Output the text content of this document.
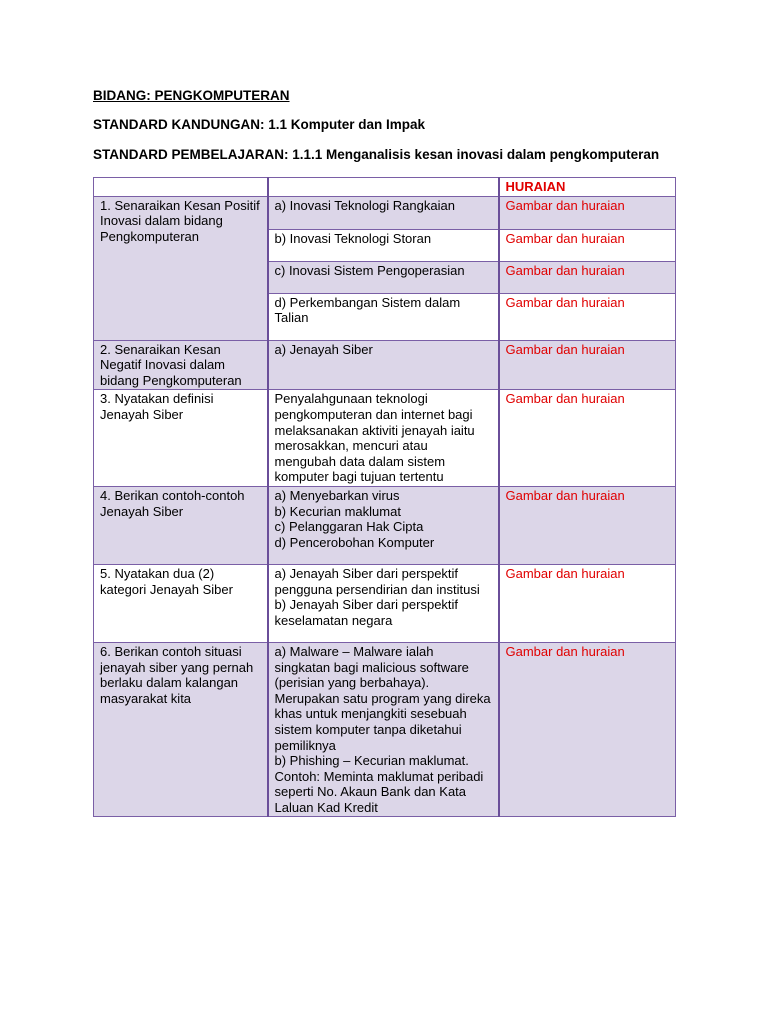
BIDANG: PENGKOMPUTERAN

STANDARD KANDUNGAN: 1.1 Komputer dan Impak

STANDARD PEMBELAJARAN: 1.1.1 Menganalisis kesan inovasi dalam pengkomputeran

		HURAIAN
1. Senaraikan Kesan Positif Inovasi dalam bidang Pengkomputeran	a) Inovasi Teknologi Rangkaian	Gambar dan huraian
	b) Inovasi Teknologi Storan	Gambar dan huraian
	c) Inovasi Sistem Pengoperasian	Gambar dan huraian
	d) Perkembangan Sistem dalam Talian	Gambar dan huraian
2. Senaraikan Kesan Negatif Inovasi dalam bidang Pengkomputeran	a) Jenayah Siber	Gambar dan huraian
3. Nyatakan definisi Jenayah Siber	Penyalahgunaan teknologi pengkomputeran dan internet bagi melaksanakan aktiviti jenayah iaitu merosakkan, mencuri atau mengubah data dalam sistem komputer bagi tujuan tertentu	Gambar dan huraian
4. Berikan contoh-contoh Jenayah Siber	a) Menyebarkan virus
b) Kecurian maklumat
c) Pelanggaran Hak Cipta
d) Pencerobohan Komputer	Gambar dan huraian
5. Nyatakan dua (2) kategori Jenayah Siber	a) Jenayah Siber dari perspektif pengguna persendirian dan institusi
b) Jenayah Siber dari perspektif keselamatan negara	Gambar dan huraian
6. Berikan contoh situasi jenayah siber yang pernah berlaku dalam kalangan masyarakat kita	a) Malware – Malware ialah singkatan bagi malicious software (perisian yang berbahaya). Merupakan satu program yang direka khas untuk menjangkiti sesebuah sistem komputer tanpa diketahui pemiliknya
b) Phishing – Kecurian maklumat. Contoh: Meminta maklumat peribadi seperti No. Akaun Bank dan Kata Laluan Kad Kredit	Gambar dan huraian
